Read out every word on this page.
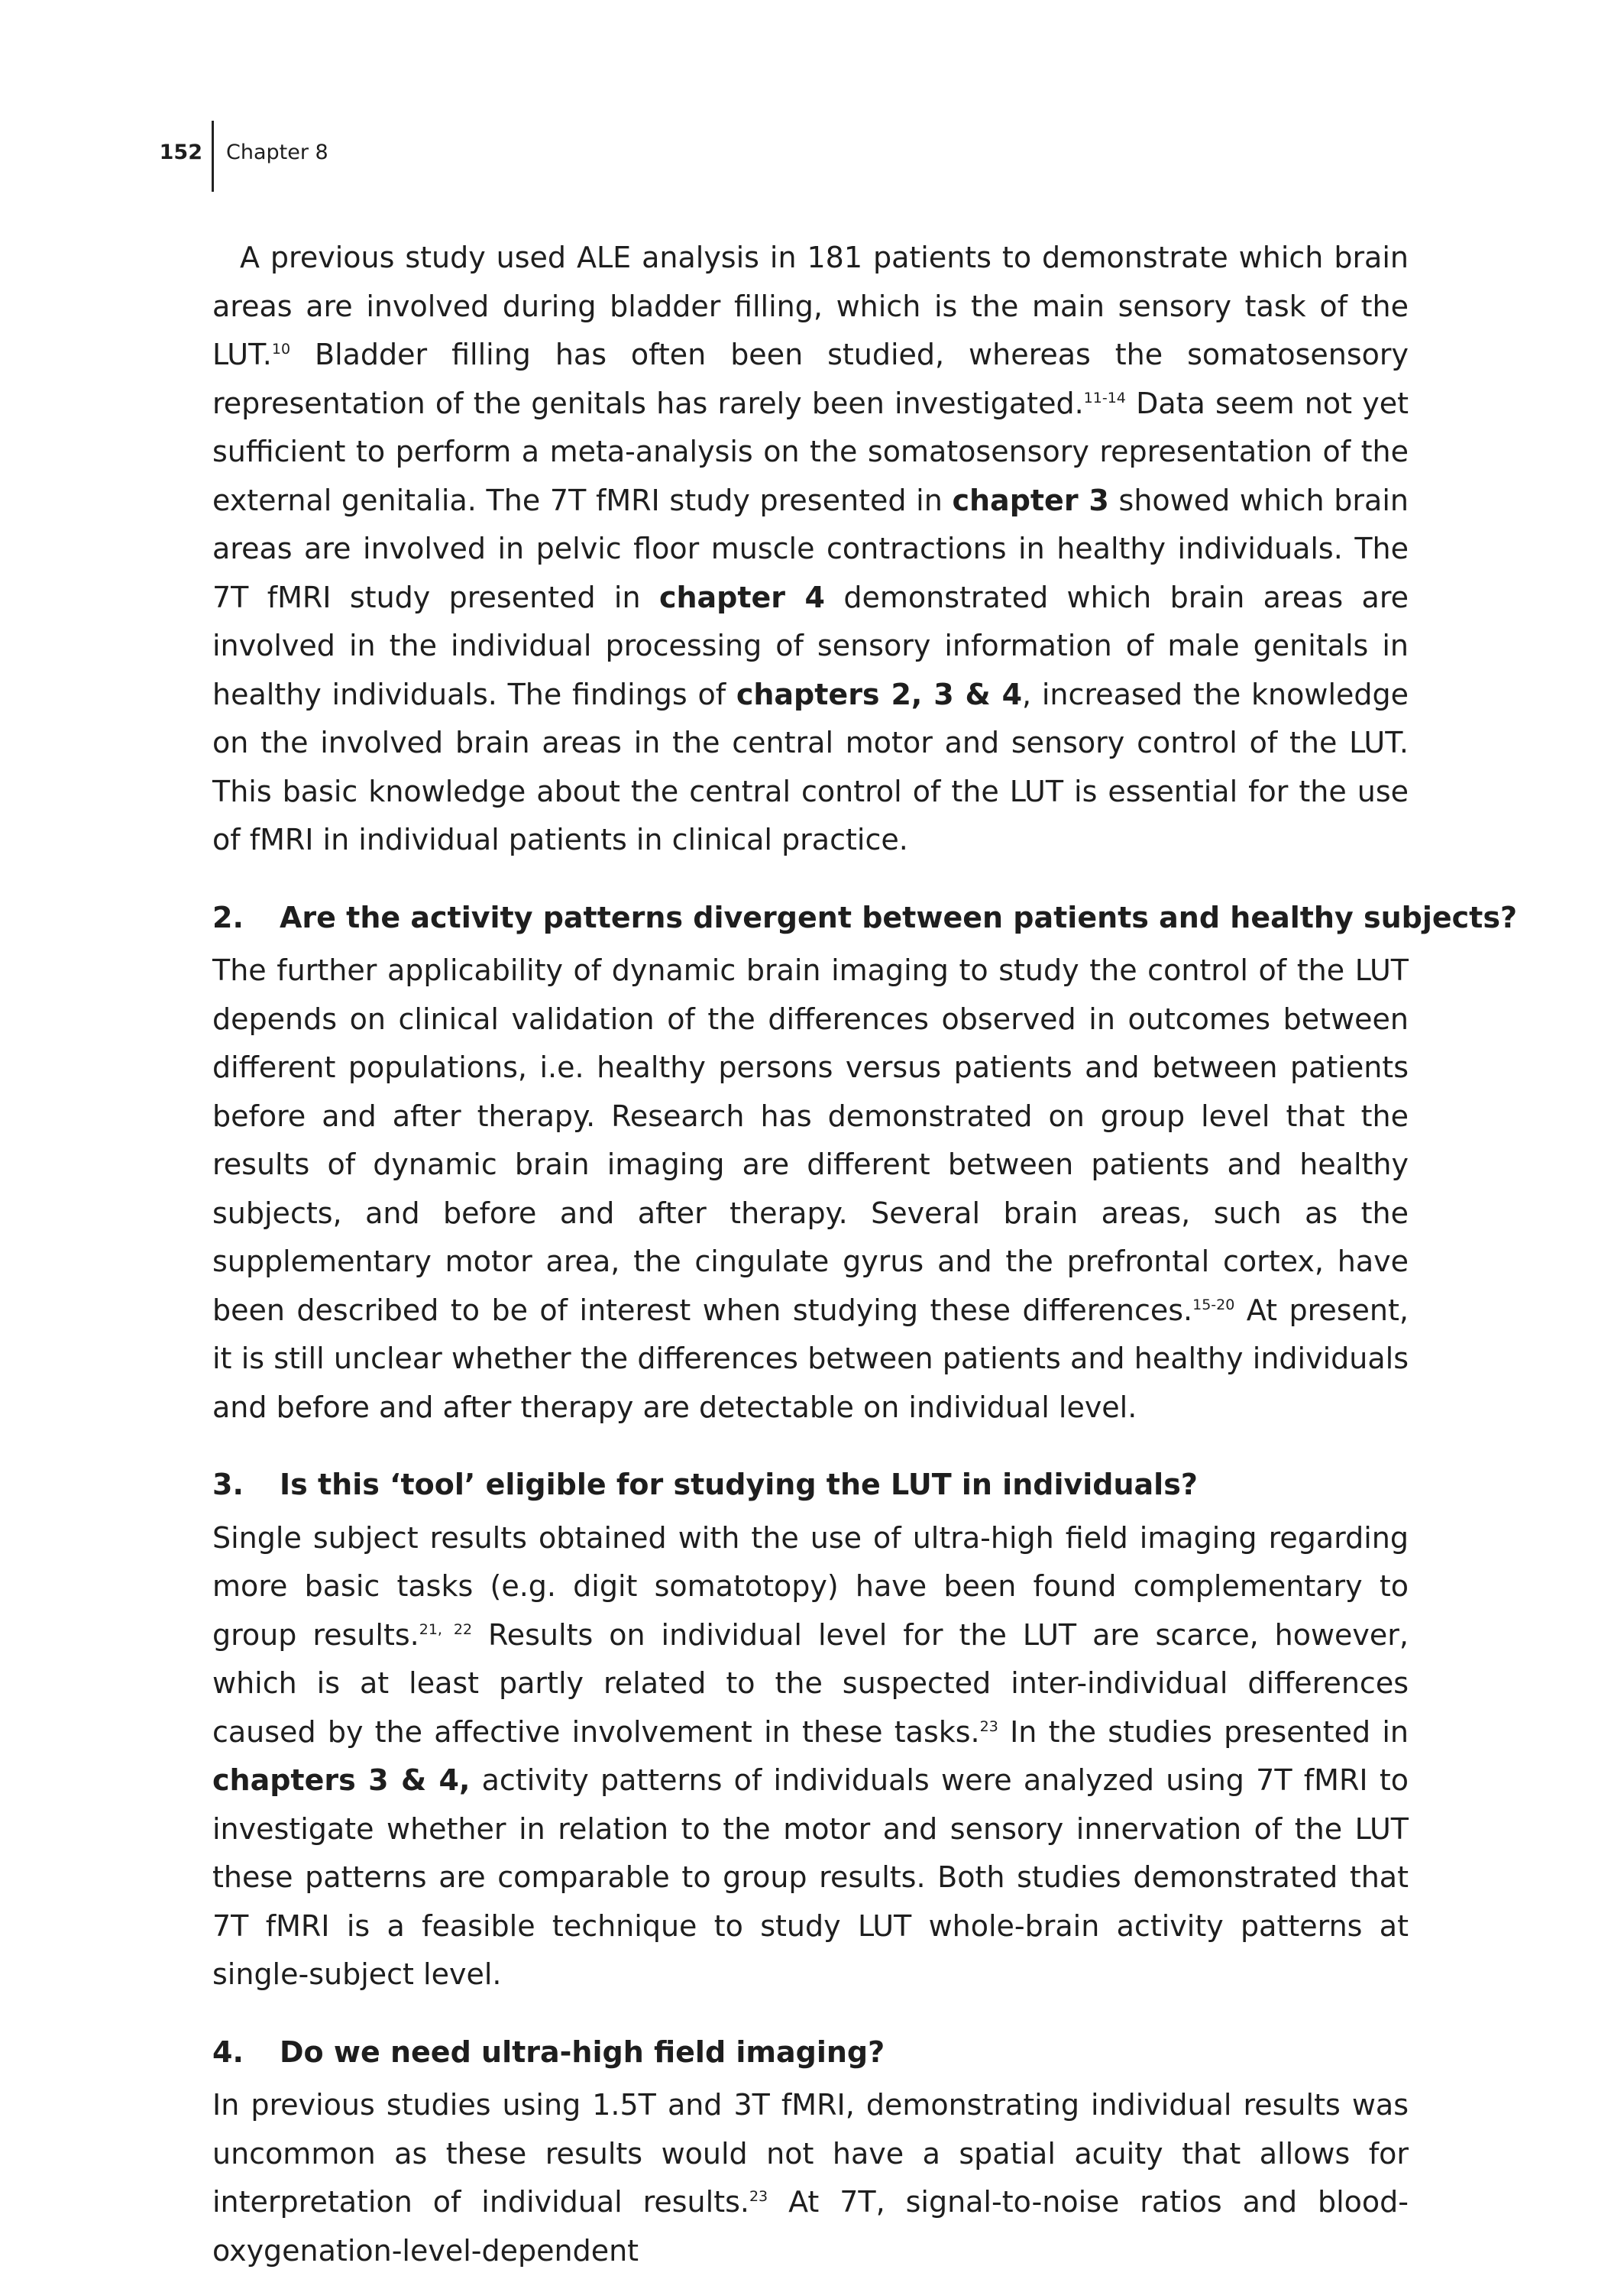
152 Chapter 8

A previous study used ALE analysis in 181 patients to demonstrate which brain areas are involved during bladder filling, which is the main sensory task of the LUT.$^{10}$ Bladder filling has often been studied, whereas the somatosensory representation of the genitals has rarely been investigated.$^{11-14}$ Data seem not yet sufficient to perform a meta-analysis on the somatosensory representation of the external genitalia. The 7T fMRI study presented in chapter 3 showed which brain areas are involved in pelvic floor muscle contractions in healthy individuals. The 7T fMRI study presented in chapter 4 demonstrated which brain areas are involved in the individual processing of sensory information of male genitals in healthy individuals. The findings of chapters 2, 3 & 4, increased the knowledge on the involved brain areas in the central motor and sensory control of the LUT. This basic knowledge about the central control of the LUT is essential for the use of fMRI in individual patients in clinical practice.

2.	Are the activity patterns divergent between patients and healthy subjects?

The further applicability of dynamic brain imaging to study the control of the LUT depends on clinical validation of the differences observed in outcomes between different populations, i.e. healthy persons versus patients and between patients before and after therapy. Research has demonstrated on group level that the results of dynamic brain imaging are different between patients and healthy subjects, and before and after therapy. Several brain areas, such as the supplementary motor area, the cingulate gyrus and the prefrontal cortex, have been described to be of interest when studying these differences.$^{15-20}$ At present, it is still unclear whether the differences between patients and healthy individuals and before and after therapy are detectable on individual level.

3.	Is this ‘tool’ eligible for studying the LUT in individuals?

Single subject results obtained with the use of ultra-high field imaging regarding more basic tasks (e.g. digit somatotopy) have been found complementary to group results.$^{21, 22}$ Results on individual level for the LUT are scarce, however, which is at least partly related to the suspected inter-individual differences caused by the affective involvement in these tasks.$^{23}$ In the studies presented in chapters 3 & 4, activity patterns of individuals were analyzed using 7T fMRI to investigate whether in relation to the motor and sensory innervation of the LUT these patterns are comparable to group results. Both studies demonstrated that 7T fMRI is a feasible technique to study LUT whole-brain activity patterns at single-subject level.

4.	Do we need ultra-high field imaging?

In previous studies using 1.5T and 3T fMRI, demonstrating individual results was uncommon as these results would not have a spatial acuity that allows for interpretation of individual results.$^{23}$ At 7T, signal-to-noise ratios and blood-oxygenation-level-dependent
